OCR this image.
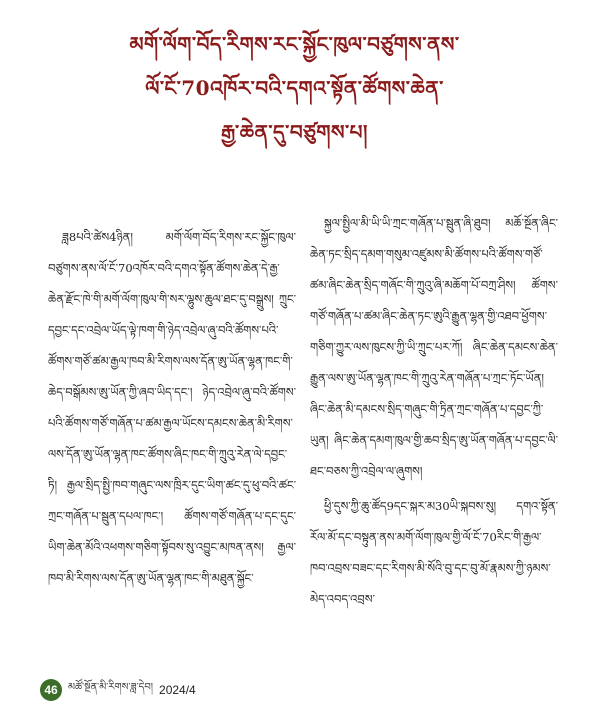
མགོ་ལོག་བོད་རིགས་རང་སྐྱོང་ཁུལ་བཙུགས་ནས་
ལོ་ངོ་70འཁོར་བའི་དགའ་སྟོན་ཚོགས་ཆེན་
རྒྱ་ཆེན་དུ་བཙུགས་པ།

ཟླ8པའི་ཚེས4ཉིན། མགོ་ལོག་བོད་རིགས་རང་སྐྱོང་ཁུལ་བཙུགས་ནས་ལོ་ངོ་70འཁོར་བའི་དགའ་སྟོན་ཚོགས་ཆེན་དེ་རྒྱ་ཆེན་རྫོང་ཁེ་གི་མགོ་ལོག་ཁུལ་གི་སར་ལྷུས་ཆུལ་ཐང་དུ་བསྒྲུས། ཀྲུང་དབྱང་དང་འབྲེལ་ཡོད་ལྟེ་ཁག་གི་ཉེད་འབྲེལ་ཞུ་བའི་ཚོགས་པའི་ཚོགས་གཙོ་ཚམ་རྒྱལ་ཁབ་མི་རིགས་ལས་དོན་ཨུ་ཡོན་ལྷན་ཁང་གི་ཆེད་བསྒོམས་ཨུ་ཡོན་ཀྱི་ཞབ་ཡིད་དང་། ཉེད་འབྲེལ་ཞུ་བའི་ཚོགས་པའི་ཚོགས་གཙོ་གཞོན་པ་ཚམ་རྒྱལ་ཡོངས་དམངས་ཆེན་མི་རིགས་ལས་དོན་ཨུ་ཡོན་ལྷན་ཁང་ཚོགས་ཞིང་ཁང་གི་ཀྲུའུ་རེན་ལེ་དབྱང་ཏི། རྒྱལ་སྲིད་སྤྱི་ཁབ་གཞུང་ལས་ཁྲིར་དུང་ཡིག་ཚང་དུ་ཕུ་བའི་ཚང་ཀྲང་གཞོན་པ་སྦུན་དཔལ་ཁང་། ཚོགས་གཙོ་གཞོན་པ་དང་དུང་ཡིག་ཆེན་མོའི་འཕགས་གཅིག་སྟོབས་སུ་འབྱུང་མཁན་ནས། རྒྱལ་ཁབ་མི་རིགས་ལས་དོན་ཨུ་ཡོན་ལྷན་ཁང་གི་མཐུན་སྐྱོང་

སྐྱལ་སྤྱིལ་མི་ཡི་ཡི་ཀྲང་གཞོན་པ་སྦུན་ཞི་ཐུབ། མཆོ་སྔོན་ཞིང་ཆེན་ཏང་སྲིད་དམག་གསུམ་འཛུམས་མི་ཚོགས་པའི་ཚོགས་གཙོ་ཚམ་ཞིང་ཆེན་སྲིད་གཞོང་གི་ཀྲུའུ་ཞི་མཆོག་པོ་བཀྲ་ཤིས། ཚོགས་གཙོ་གཞོན་པ་ཚམ་ཞིང་ཆེན་ཏང་ཨུའི་རྒྱུན་ལྷན་གྱི་འཐབ་ཕྱོགས་གཅིག་ཀྱུར་ལས་ཁུངས་ཀྱི་ཡི་ཀྲུང་པར་ཀོ། ཞིང་ཆེན་དམངས་ཆེན་རྒྱུན་ལས་ཨུ་ཡོན་ལྷན་ཁང་གི་ཀྲུའུ་རེན་གཞོན་པ་ཀྲང་ཏོང་ཡོན། ཞིང་ཆེན་མི་དམངས་སྲིད་གཞུང་གི་ཏྲིན་ཀྲང་གཞོན་པ་དབྱང་ཀྱི་ཡུན། ཞིང་ཆེན་དམག་ཁུལ་གྱི་ཆབ་སྲིད་ཨུ་ཡོན་གཞོན་པ་དབྱང་ལི་ཐང་བཅས་ཀྱི་འབྲེལ་ལ་ཞུགས།

ཕྱི་དུས་ཀྱི་ཆུ་ཚོད9དང་སྐར་མ30ཡི་སྐབས་སུ། དགའ་སྟོན་རོལ་མོ་དང་བསྟུན་ནས་མགོ་ལོག་ཁུལ་གྱི་ལོ་ངོ་70རིང་གི་རྒྱལ་ཁབ་འབྲས་བཟང་དང་རིགས་མི་སོའི་བུ་དང་བུ་མོ་རྣམས་ཀྱི་ཉམས་མེད་འབད་འབྲས་

46	མཚོ་སྔོན་མི་རིགས་ཟླ་དེབ། 2024/4
